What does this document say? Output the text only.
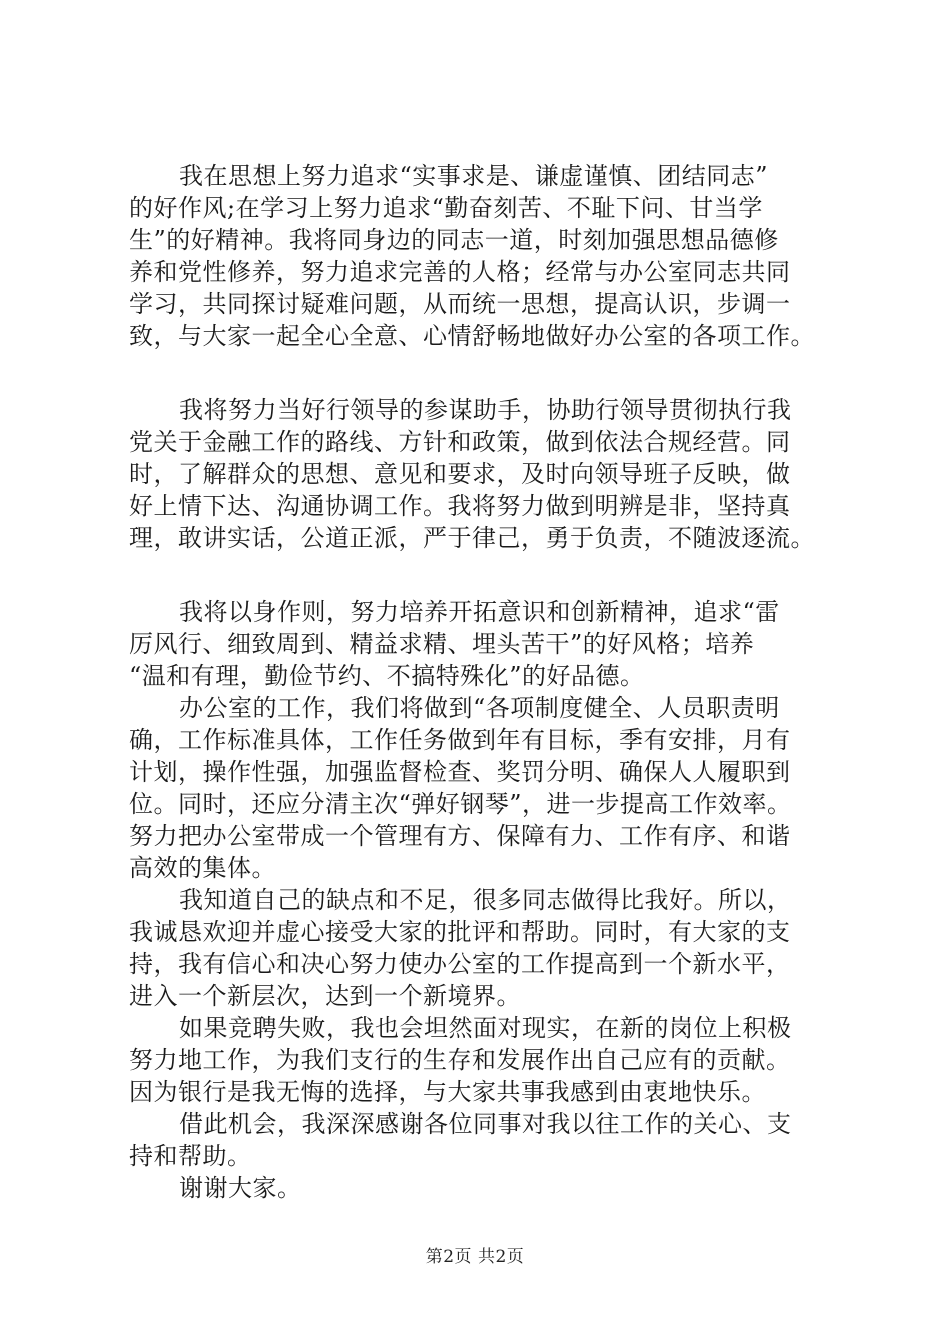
我在思想上努力追求“实事求是、谦虚谨慎、团结同志”
的好作风;在学习上努力追求“勤奋刻苦、不耻下问、甘当学
生”的好精神。我将同身边的同志一道，时刻加强思想品德修
养和党性修养，努力追求完善的人格；经常与办公室同志共同
学习，共同探讨疑难问题，从而统一思想，提高认识，步调一
致，与大家一起全心全意、心情舒畅地做好办公室的各项工作。
我将努力当好行领导的参谋助手，协助行领导贯彻执行我
党关于金融工作的路线、方针和政策，做到依法合规经营。同
时，了解群众的思想、意见和要求，及时向领导班子反映，做
好上情下达、沟通协调工作。我将努力做到明辨是非，坚持真
理，敢讲实话，公道正派，严于律己，勇于负责，不随波逐流。
我将以身作则，努力培养开拓意识和创新精神，追求“雷
厉风行、细致周到、精益求精、埋头苦干”的好风格；培养
“温和有理，勤俭节约、不搞特殊化”的好品德。
办公室的工作，我们将做到“各项制度健全、人员职责明
确，工作标准具体，工作任务做到年有目标，季有安排，月有
计划，操作性强，加强监督检查、奖罚分明、确保人人履职到
位。同时，还应分清主次“弹好钢琴”，进一步提高工作效率。
努力把办公室带成一个管理有方、保障有力、工作有序、和谐
高效的集体。
我知道自己的缺点和不足，很多同志做得比我好。所以，
我诚恳欢迎并虚心接受大家的批评和帮助。同时，有大家的支
持，我有信心和决心努力使办公室的工作提高到一个新水平，
进入一个新层次，达到一个新境界。
如果竞聘失败，我也会坦然面对现实，在新的岗位上积极
努力地工作，为我们支行的生存和发展作出自己应有的贡献。
因为银行是我无悔的选择，与大家共事我感到由衷地快乐。
借此机会，我深深感谢各位同事对我以往工作的关心、支
持和帮助。
谢谢大家。
第2页 共2页
